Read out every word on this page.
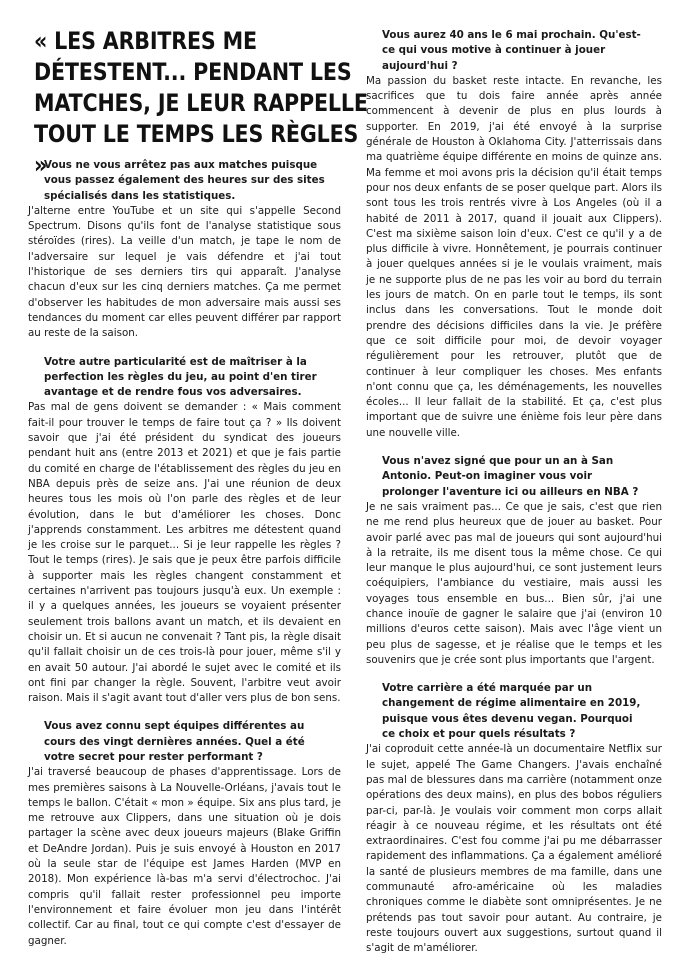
« LES ARBITRES ME DÉTESTENT... PENDANT LES MATCHES, JE LEUR RAPPELLE TOUT LE TEMPS LES RÈGLES »
Vous ne vous arrêtez pas aux matches puisque vous passez également des heures sur des sites spécialisés dans les statistiques.

J'alterne entre YouTube et un site qui s'appelle Second Spectrum. Disons qu'ils font de l'analyse statistique sous stéroïdes (rires). La veille d'un match, je tape le nom de l'adversaire sur lequel je vais défendre et j'ai tout l'historique de ses derniers tirs qui apparaît. J'analyse chacun d'eux sur les cinq derniers matches. Ça me permet d'observer les habitudes de mon adversaire mais aussi ses tendances du moment car elles peuvent différer par rapport au reste de la saison.

Votre autre particularité est de maîtriser à la perfection les règles du jeu, au point d'en tirer avantage et de rendre fous vos adversaires.

Pas mal de gens doivent se demander : « Mais comment fait-il pour trouver le temps de faire tout ça ? » Ils doivent savoir que j'ai été président du syndicat des joueurs pendant huit ans (entre 2013 et 2021) et que je fais partie du comité en charge de l'établissement des règles du jeu en NBA depuis près de seize ans. J'ai une réunion de deux heures tous les mois où l'on parle des règles et de leur évolution, dans le but d'améliorer les choses. Donc j'apprends constamment. Les arbitres me détestent quand je les croise sur le parquet... Si je leur rappelle les règles ? Tout le temps (rires). Je sais que je peux être parfois difficile à supporter mais les règles changent constamment et certaines n'arrivent pas toujours jusqu'à eux. Un exemple : il y a quelques années, les joueurs se voyaient présenter seulement trois ballons avant un match, et ils devaient en choisir un. Et si aucun ne convenait ? Tant pis, la règle disait qu'il fallait choisir un de ces trois-là pour jouer, même s'il y en avait 50 autour. J'ai abordé le sujet avec le comité et ils ont fini par changer la règle. Souvent, l'arbitre veut avoir raison. Mais il s'agit avant tout d'aller vers plus de bon sens.

Vous avez connu sept équipes différentes au cours des vingt dernières années. Quel a été votre secret pour rester performant ?

J'ai traversé beaucoup de phases d'apprentissage. Lors de mes premières saisons à La Nouvelle-Orléans, j'avais tout le temps le ballon. C'était « mon » équipe. Six ans plus tard, je me retrouve aux Clippers, dans une situation où je dois partager la scène avec deux joueurs majeurs (Blake Griffin et DeAndre Jordan). Puis je suis envoyé à Houston en 2017 où la seule star de l'équipe est James Harden (MVP en 2018). Mon expérience là-bas m'a servi d'électrochoc. J'ai compris qu'il fallait rester professionnel peu importe l'environnement et faire évoluer mon jeu dans l'intérêt collectif. Car au final, tout ce qui compte c'est d'essayer de gagner.

Vous aurez 40 ans le 6 mai prochain. Qu'est-ce qui vous motive à continuer à jouer aujourd'hui ?

Ma passion du basket reste intacte. En revanche, les sacrifices que tu dois faire année après année commencent à devenir de plus en plus lourds à supporter. En 2019, j'ai été envoyé à la surprise générale de Houston à Oklahoma City. J'atterrissais dans ma quatrième équipe différente en moins de quinze ans. Ma femme et moi avons pris la décision qu'il était temps pour nos deux enfants de se poser quelque part. Alors ils sont tous les trois rentrés vivre à Los Angeles (où il a habité de 2011 à 2017, quand il jouait aux Clippers). C'est ma sixième saison loin d'eux. C'est ce qu'il y a de plus difficile à vivre. Honnêtement, je pourrais continuer à jouer quelques années si je le voulais vraiment, mais je ne supporte plus de ne pas les voir au bord du terrain les jours de match. On en parle tout le temps, ils sont inclus dans les conversations. Tout le monde doit prendre des décisions difficiles dans la vie. Je préfère que ce soit difficile pour moi, de devoir voyager régulièrement pour les retrouver, plutôt que de continuer à leur compliquer les choses. Mes enfants n'ont connu que ça, les déménagements, les nouvelles écoles... Il leur fallait de la stabilité. Et ça, c'est plus important que de suivre une énième fois leur père dans une nouvelle ville.

Vous n'avez signé que pour un an à San Antonio. Peut-on imaginer vous voir prolonger l'aventure ici ou ailleurs en NBA ?

Je ne sais vraiment pas... Ce que je sais, c'est que rien ne me rend plus heureux que de jouer au basket. Pour avoir parlé avec pas mal de joueurs qui sont aujourd'hui à la retraite, ils me disent tous la même chose. Ce qui leur manque le plus aujourd'hui, ce sont justement leurs coéquipiers, l'ambiance du vestiaire, mais aussi les voyages tous ensemble en bus... Bien sûr, j'ai une chance inouïe de gagner le salaire que j'ai (environ 10 millions d'euros cette saison). Mais avec l'âge vient un peu plus de sagesse, et je réalise que le temps et les souvenirs que je crée sont plus importants que l'argent.

Votre carrière a été marquée par un changement de régime alimentaire en 2019, puisque vous êtes devenu vegan. Pourquoi ce choix et pour quels résultats ?

J'ai coproduit cette année-là un documentaire Netflix sur le sujet, appelé The Game Changers. J'avais enchaîné pas mal de blessures dans ma carrière (notamment onze opérations des deux mains), en plus des bobos réguliers par-ci, par-là. Je voulais voir comment mon corps allait réagir à ce nouveau régime, et les résultats ont été extraordinaires. C'est fou comme j'ai pu me débarrasser rapidement des inflammations. Ça a également amélioré la santé de plusieurs membres de ma famille, dans une communauté afro-américaine où les maladies chroniques comme le diabète sont omniprésentes. Je ne prétends pas tout savoir pour autant. Au contraire, je reste toujours ouvert aux suggestions, surtout quand il s'agit de m'améliorer.
